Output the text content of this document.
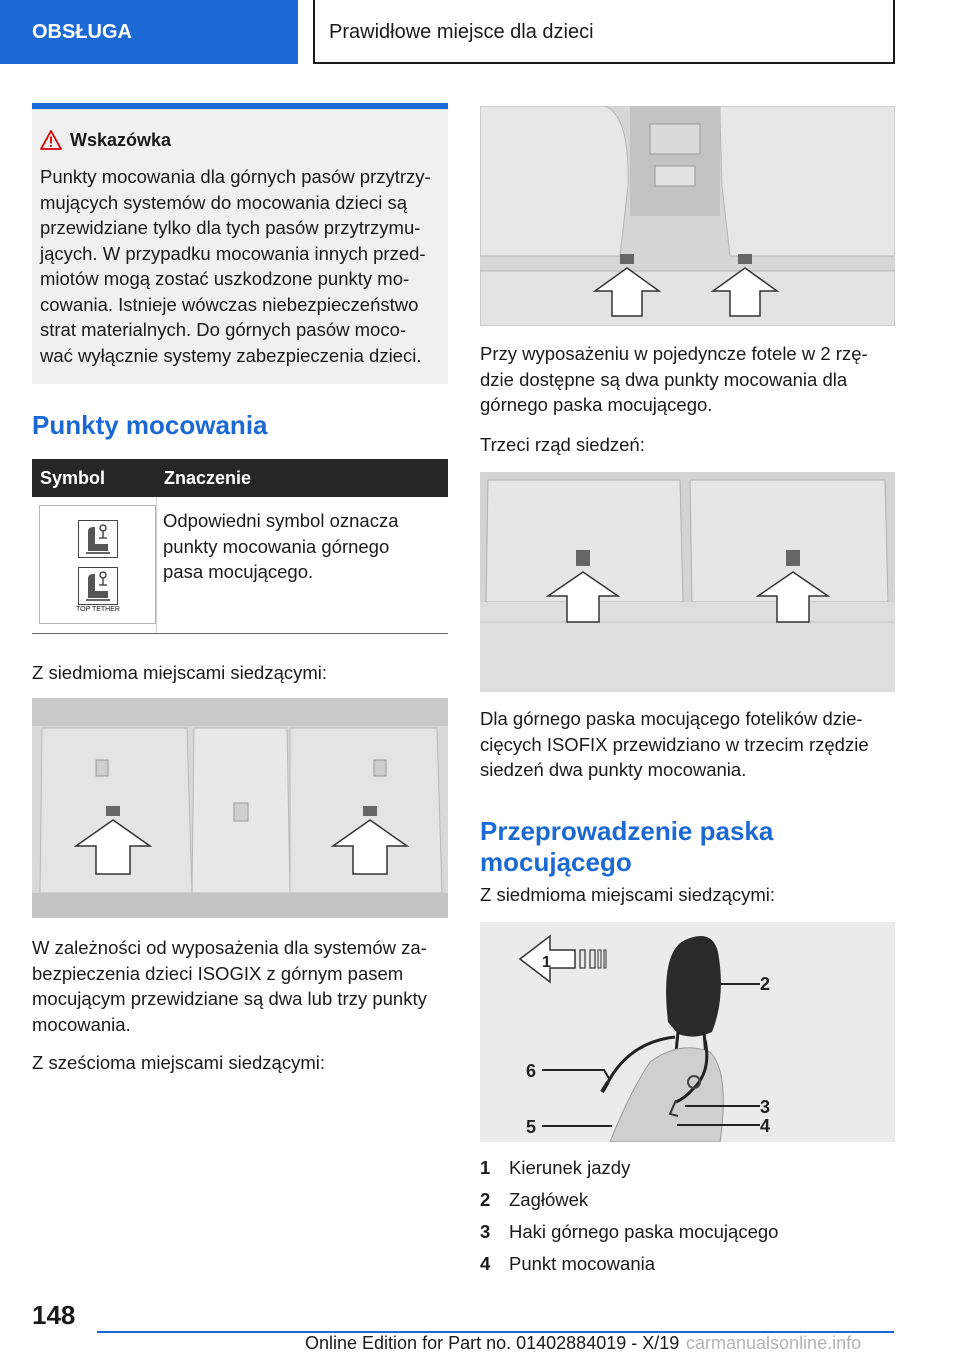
OBSŁUGA	Prawidłowe miejsce dla dzieci
Wskazówka
Punkty mocowania dla górnych pasów przytrzy‐
mujących systemów do mocowania dzieci są
przewidziane tylko dla tych pasów przytrzymu‐
jących. W przypadku mocowania innych przed‐
miotów mogą zostać uszkodzone punkty mo‐
cowania. Istnieje wówczas niebezpieczeństwo
strat materialnych. Do górnych pasów moco‐
wać wyłącznie systemy zabezpieczenia dzieci.
Punkty mocowania
Symbol	Znaczenie
TOP TETHER
Odpowiedni symbol oznacza
punkty mocowania górnego
pasa mocującego.
Z siedmioma miejscami siedzącymi:
W zależności od wyposażenia dla systemów za‐
bezpieczenia dzieci ISOGIX z górnym pasem
mocującym przewidziane są dwa lub trzy punkty
mocowania.
Z sześcioma miejscami siedzącymi:
Przy wyposażeniu w pojedyncze fotele w 2 rzę‐
dzie dostępne są dwa punkty mocowania dla
górnego paska mocującego.
Trzeci rząd siedzeń:
Dla górnego paska mocującego fotelików dzie‐
cięcych ISOFIX przewidziano w trzecim rzędzie
siedzeń dwa punkty mocowania.
Przeprowadzenie paska
mocującego
Z siedmioma miejscami siedzącymi:
1
2
3
4
5
6
1 Kierunek jazdy
2 Zagłówek
3 Haki górnego paska mocującego
4 Punkt mocowania
148
Online Edition for Part no. 01402884019 - X/19 carmanualsonline.info
